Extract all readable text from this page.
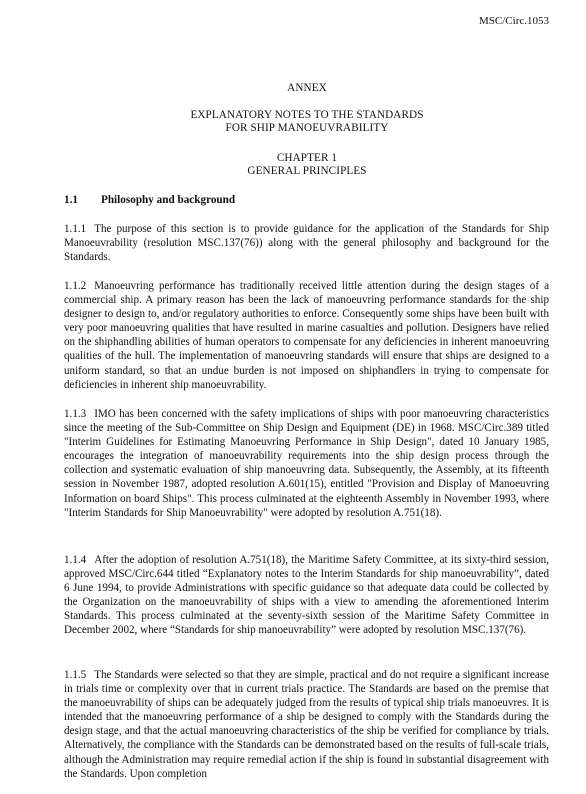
MSC/Circ.1053
ANNEX
EXPLANATORY NOTES TO THE STANDARDS
FOR SHIP MANOEUVRABILITY
CHAPTER 1
GENERAL PRINCIPLES
1.1 Philosophy and background

1.1.1 The purpose of this section is to provide guidance for the application of the Standards for Ship Manoeuvrability (resolution MSC.137(76)) along with the general philosophy and background for the Standards.

1.1.2 Manoeuvring performance has traditionally received little attention during the design stages of a commercial ship. A primary reason has been the lack of manoeuvring performance standards for the ship designer to design to, and/or regulatory authorities to enforce. Consequently some ships have been built with very poor manoeuvring qualities that have resulted in marine casualties and pollution. Designers have relied on the shiphandling abilities of human operators to compensate for any deficiencies in inherent manoeuvring qualities of the hull. The implementation of manoeuvring standards will ensure that ships are designed to a uniform standard, so that an undue burden is not imposed on shiphandlers in trying to compensate for deficiencies in inherent ship manoeuvrability.

1.1.3 IMO has been concerned with the safety implications of ships with poor manoeuvring characteristics since the meeting of the Sub-Committee on Ship Design and Equipment (DE) in 1968. MSC/Circ.389 titled "Interim Guidelines for Estimating Manoeuvring Performance in Ship Design", dated 10 January 1985, encourages the integration of manoeuvrability requirements into the ship design process through the collection and systematic evaluation of ship manoeuvring data. Subsequently, the Assembly, at its fifteenth session in November 1987, adopted resolution A.601(15), entitled "Provision and Display of Manoeuvring Information on board Ships". This process culminated at the eighteenth Assembly in November 1993, where "Interim Standards for Ship Manoeuvrability" were adopted by resolution A.751(18).

1.1.4 After the adoption of resolution A.751(18), the Maritime Safety Committee, at its sixty-third session, approved MSC/Circ.644 titled “Explanatory notes to the Interim Standards for ship manoeuvrability”, dated 6 June 1994, to provide Administrations with specific guidance so that adequate data could be collected by the Organization on the manoeuvrability of ships with a view to amending the aforementioned Interim Standards. This process culminated at the seventy-sixth session of the Maritime Safety Committee in December 2002, where “Standards for ship manoeuvrability” were adopted by resolution MSC.137(76).

1.1.5 The Standards were selected so that they are simple, practical and do not require a significant increase in trials time or complexity over that in current trials practice. The Standards are based on the premise that the manoeuvrability of ships can be adequately judged from the results of typical ship trials manoeuvres. It is intended that the manoeuvring performance of a ship be designed to comply with the Standards during the design stage, and that the actual manoeuvring characteristics of the ship be verified for compliance by trials. Alternatively, the compliance with the Standards can be demonstrated based on the results of full-scale trials, although the Administration may require remedial action if the ship is found in substantial disagreement with the Standards. Upon completion
